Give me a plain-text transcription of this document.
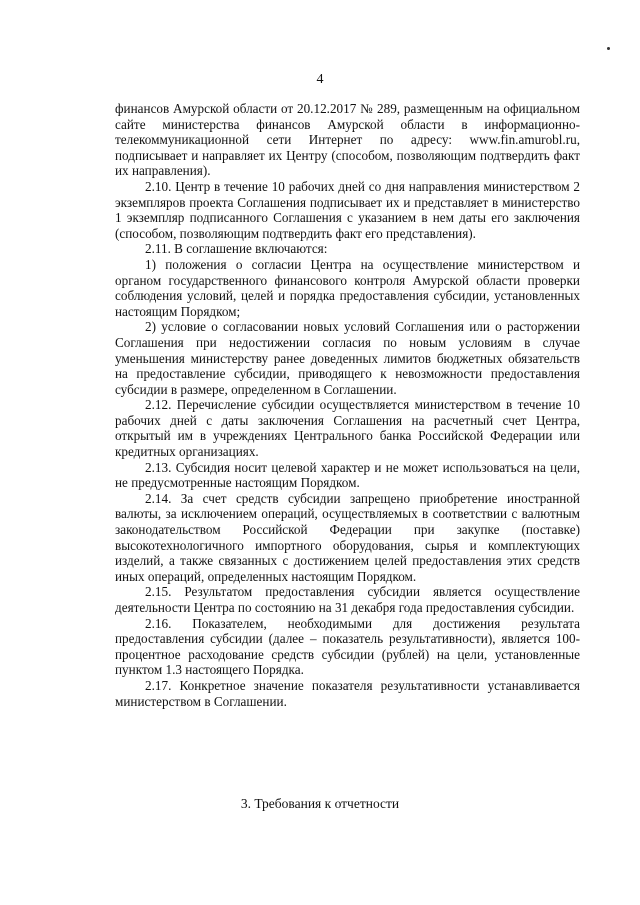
4

финансов Амурской области от 20.12.2017 № 289, размещенным на официальном сайте министерства финансов Амурской области в информационно-телекоммуникационной сети Интернет по адресу: www.fin.amurobl.ru, подписывает и направляет их Центру (способом, позволяющим подтвердить факт их направления).

2.10. Центр в течение 10 рабочих дней со дня направления министерством 2 экземпляров проекта Соглашения подписывает их и представляет в министерство 1 экземпляр подписанного Соглашения с указанием в нем даты его заключения (способом, позволяющим подтвердить факт его представления).

2.11. В соглашение включаются:

1) положения о согласии Центра на осуществление министерством и органом государственного финансового контроля Амурской области проверки соблюдения условий, целей и порядка предоставления субсидии, установленных настоящим Порядком;

2) условие о согласовании новых условий Соглашения или о расторжении Соглашения при недостижении согласия по новым условиям в случае уменьшения министерству ранее доведенных лимитов бюджетных обязательств на предоставление субсидии, приводящего к невозможности предоставления субсидии в размере, определенном в Соглашении.

2.12. Перечисление субсидии осуществляется министерством в течение 10 рабочих дней с даты заключения Соглашения на расчетный счет Центра, открытый им в учреждениях Центрального банка Российской Федерации или кредитных организациях.

2.13. Субсидия носит целевой характер и не может использоваться на цели, не предусмотренные настоящим Порядком.

2.14. За счет средств субсидии запрещено приобретение иностранной валюты, за исключением операций, осуществляемых в соответствии с валютным законодательством Российской Федерации при закупке (поставке) высокотехнологичного импортного оборудования, сырья и комплектующих изделий, а также связанных с достижением целей предоставления этих средств иных операций, определенных настоящим Порядком.

2.15. Результатом предоставления субсидии является осуществление деятельности Центра по состоянию на 31 декабря года предоставления субсидии.

2.16. Показателем, необходимыми для достижения результата предоставления субсидии (далее – показатель результативности), является 100-процентное расходование средств субсидии (рублей) на цели, установленные пунктом 1.3 настоящего Порядка.

2.17. Конкретное значение показателя результативности устанавливается министерством в Соглашении.

3. Требования к отчетности
